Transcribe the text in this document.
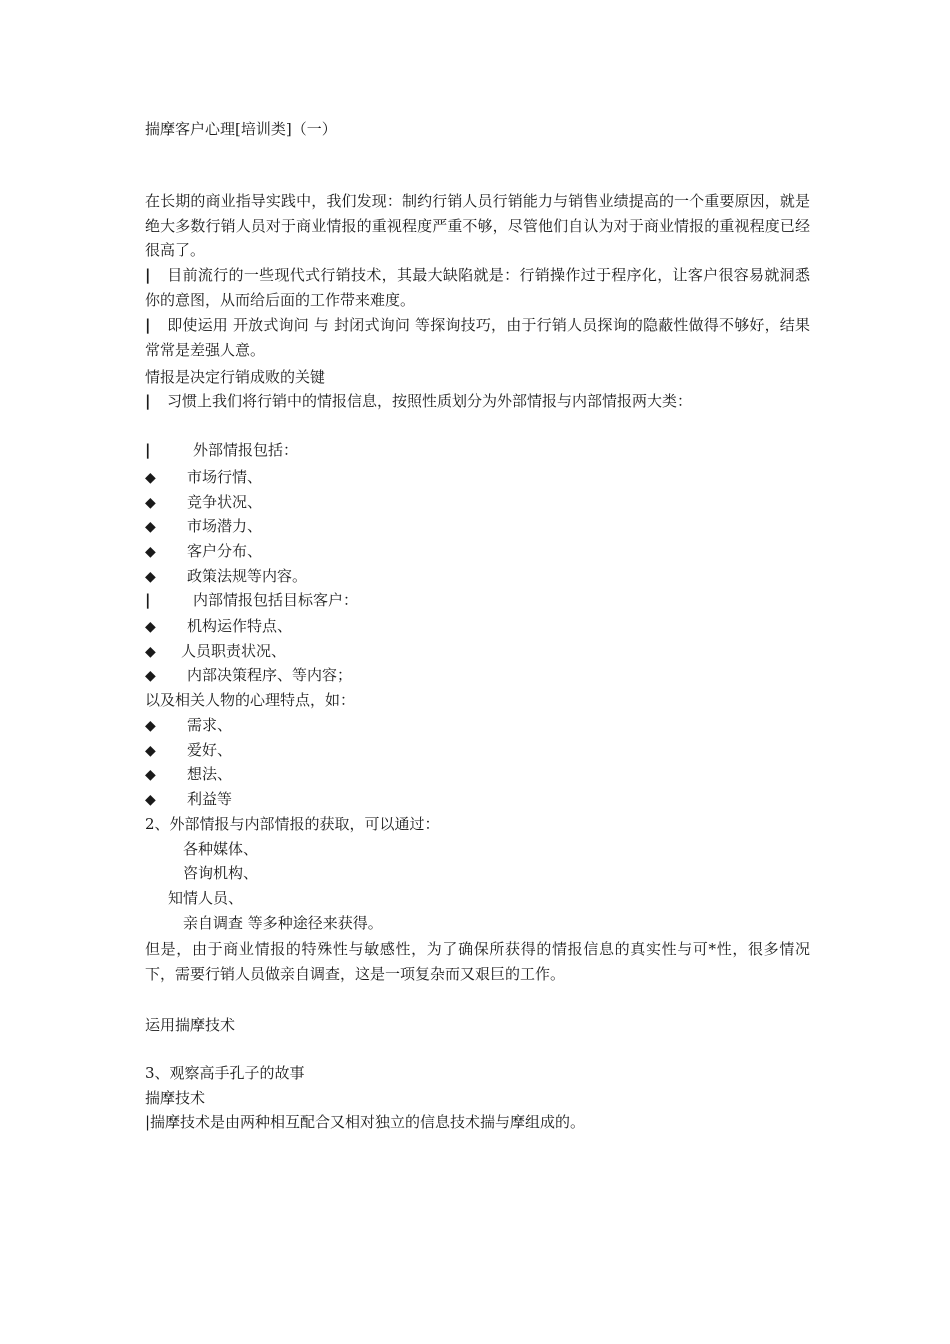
揣摩客户心理[培训类]（一）
在长期的商业指导实践中，我们发现：制约行销人员行销能力与销售业绩提高的一个重要原因，就是绝大多数行销人员对于商业情报的重视程度严重不够，尽管他们自认为对于商业情报的重视程度已经很高了。
| 目前流行的一些现代式行销技术，其最大缺陷就是：行销操作过于程序化，让客户很容易就洞悉你的意图，从而给后面的工作带来难度。
| 即使运用 开放式询问 与 封闭式询问 等探询技巧，由于行销人员探询的隐蔽性做得不够好，结果常常是差强人意。
情报是决定行销成败的关键
| 习惯上我们将行销中的情报信息，按照性质划分为外部情报与内部情报两大类：
|	外部情报包括：
◆ 市场行情、
◆ 竞争状况、
◆ 市场潜力、
◆ 客户分布、
◆ 政策法规等内容。
|	内部情报包括目标客户：
◆ 机构运作特点、
◆ 人员职责状况、
◆ 内部决策程序、等内容；
以及相关人物的心理特点，如：
◆ 需求、
◆ 爱好、
◆ 想法、
◆ 利益等
2、外部情报与内部情报的获取，可以通过：
各种媒体、
咨询机构、
知情人员、
亲自调查 等多种途径来获得。
但是，由于商业情报的特殊性与敏感性，为了确保所获得的情报信息的真实性与可*性，很多情况下，需要行销人员做亲自调查，这是一项复杂而又艰巨的工作。
运用揣摩技术
3、观察高手孔子的故事
揣摩技术
|揣摩技术是由两种相互配合又相对独立的信息技术揣与摩组成的。
